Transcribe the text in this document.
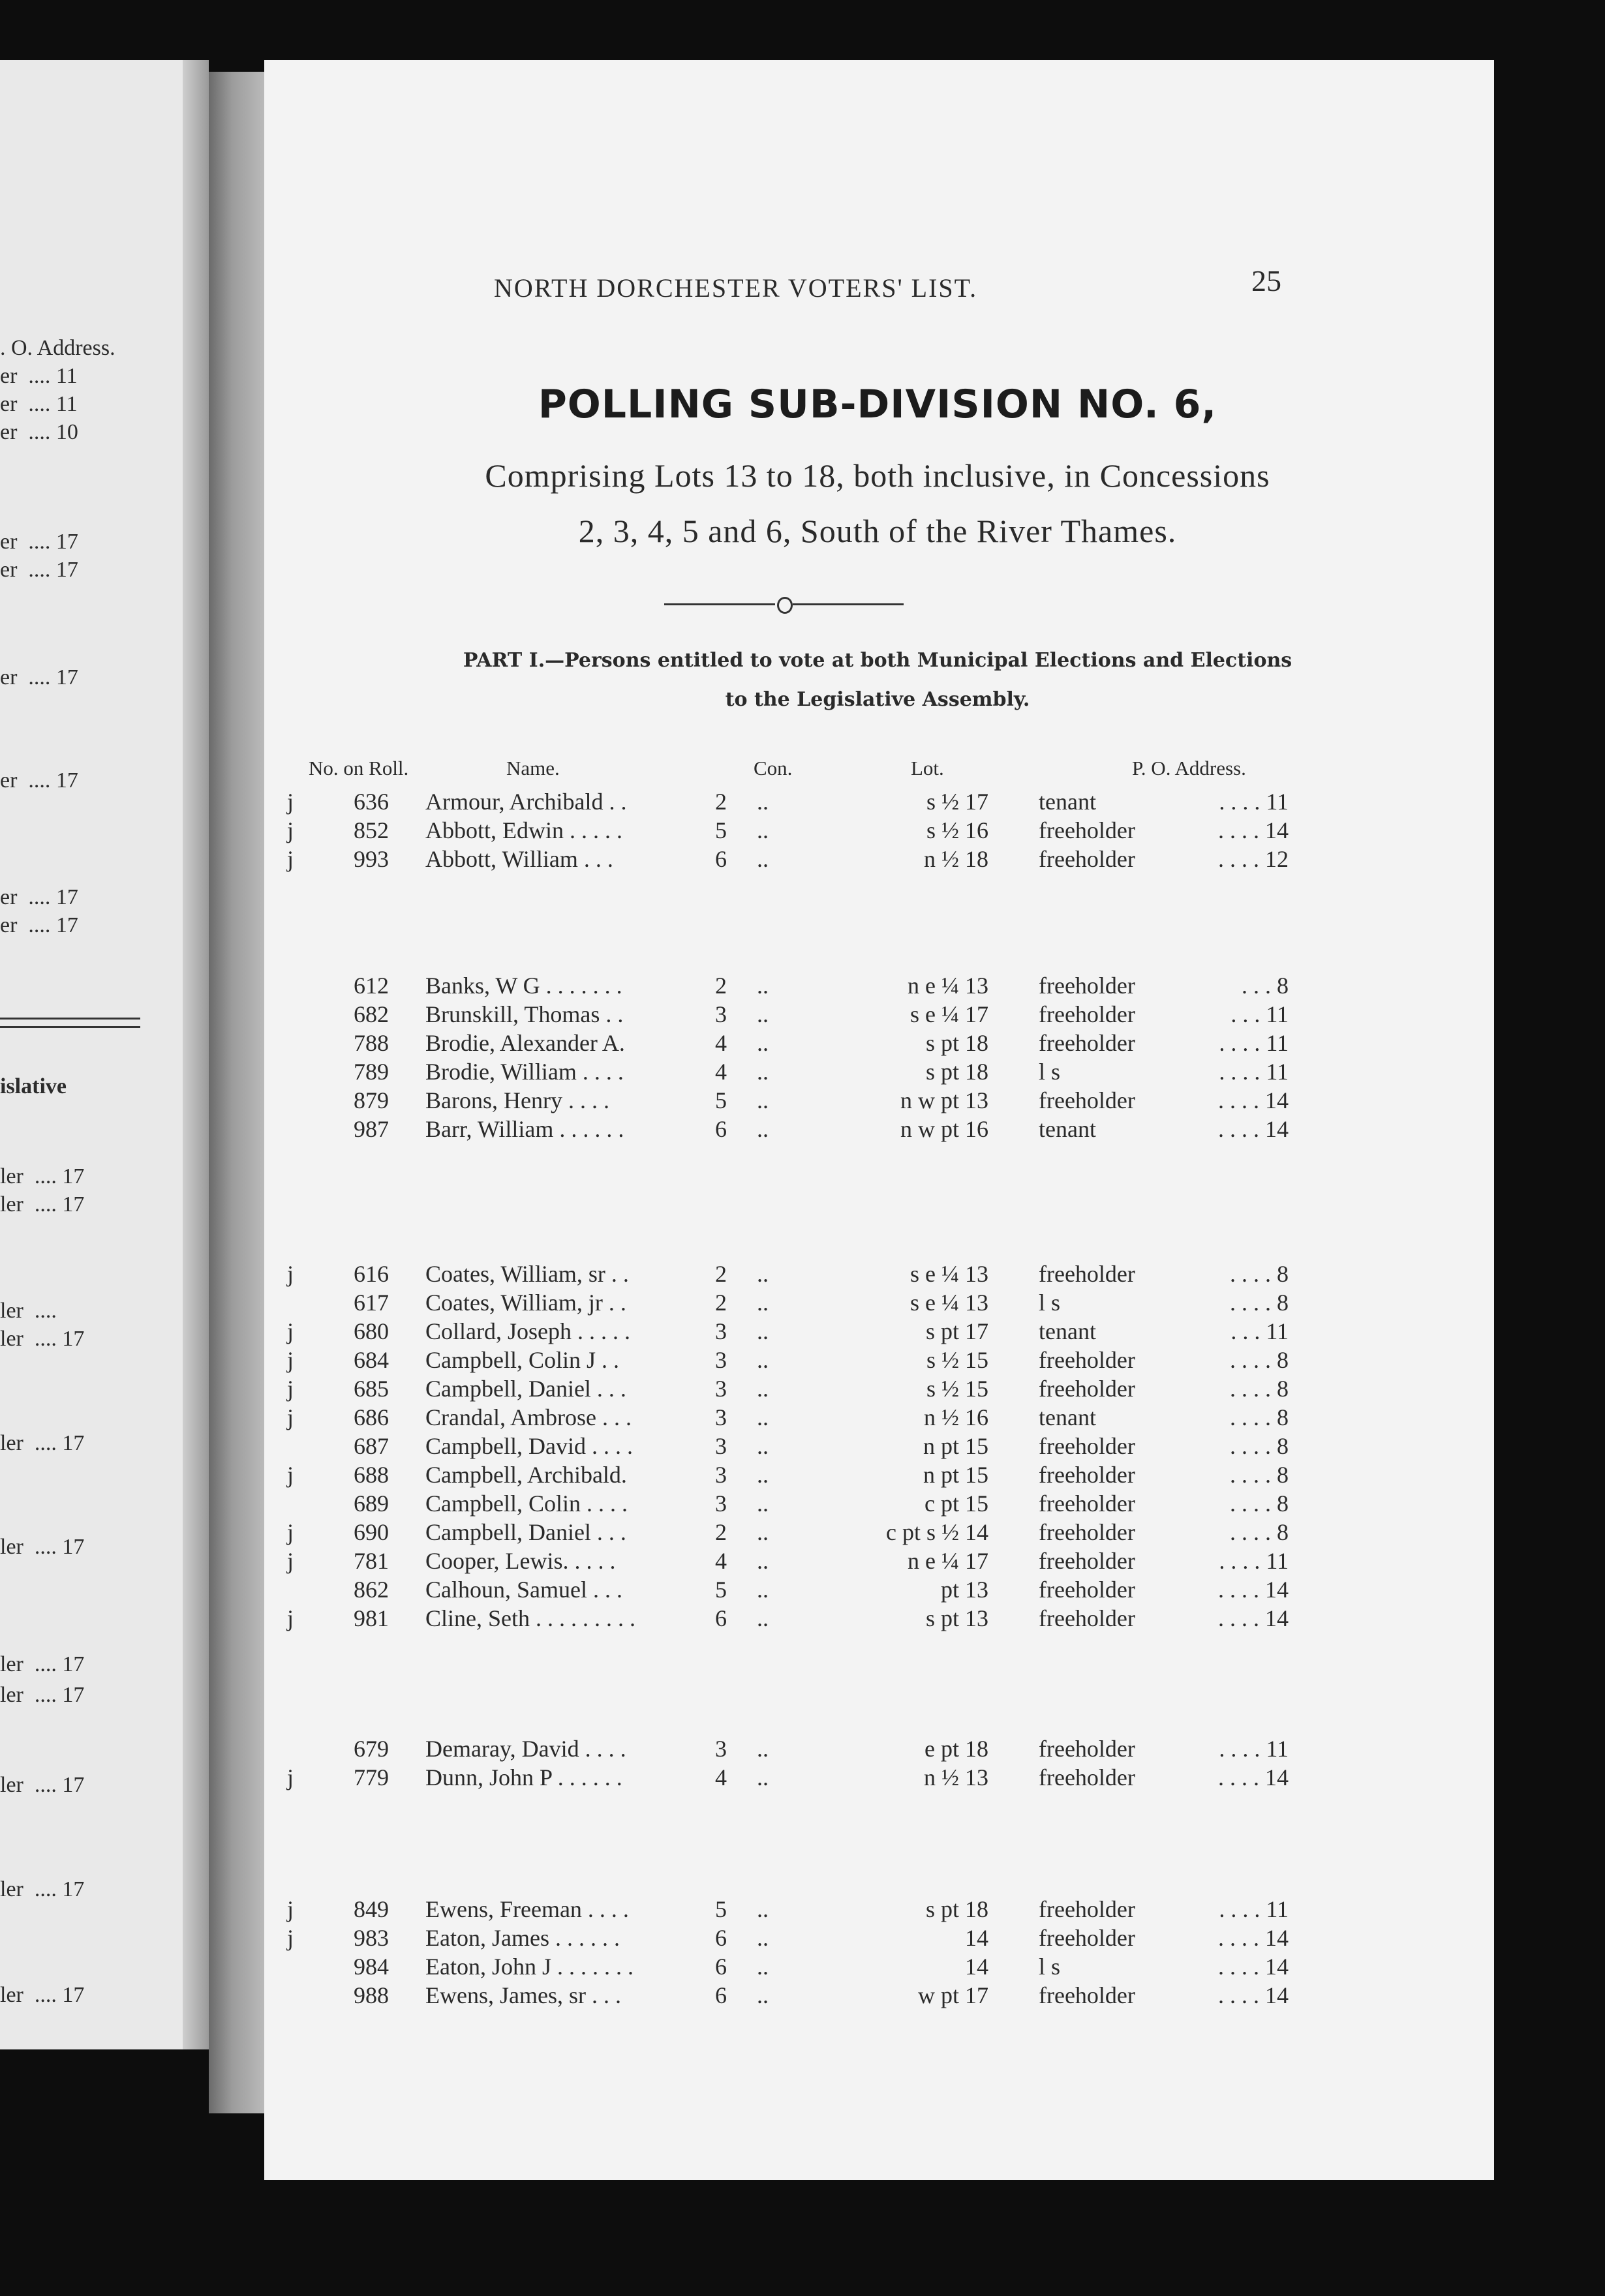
. O. Address.
er  .... 11
er  .... 11
er  .... 10
er  .... 17
er  .... 17
er  .... 17
er  .... 17
er  .... 17
er  .... 17
islative
ler  .... 17
ler  .... 17
ler  ....
ler  .... 17
ler  .... 17
ler  .... 17
ler  .... 17
ler  .... 17
ler  .... 17
ler  .... 17
ler  .... 17
NORTH DORCHESTER VOTERS' LIST.	25
POLLING SUB-DIVISION NO. 6,
Comprising Lots 13 to 18, both inclusive, in Concessions
2, 3, 4, 5 and 6, South of the River Thames.
PART I.—Persons entitled to vote at both Municipal Elections and Elections
to the Legislative Assembly.
No. on Roll.	Name.	Con.	Lot.	P. O. Address.
j	636 Armour, Archibald . .	2	..	s ½ 17 tenant	. . . . 11
j	852 Abbott, Edwin . . . . .	5	..	s ½ 16 freeholder	. . . . 14
j	993 Abbott, William . . .	6	..	n ½ 18 freeholder	. . . . 12
612 Banks, W G . . . . . . .	2	..	n e ¼ 13 freeholder	. . . 8
682 Brunskill, Thomas . .	3	..	s e ¼ 17 freeholder	. . . 11
788 Brodie, Alexander A.	4	..	s pt 18 freeholder	. . . . 11
789 Brodie, William . . . .	4	..	s pt 18 l s	. . . . 11
879 Barons, Henry . . . .	5	..	n w pt 13 freeholder	. . . . 14
987 Barr, William . . . . . .	6	..	n w pt 16 tenant	. . . . 14
j	616 Coates, William, sr . .	2	..	s e ¼ 13 freeholder	. . . . 8
617 Coates, William, jr . .	2	..	s e ¼ 13 l s	. . . . 8
j	680 Collard, Joseph . . . . .	3	..	s pt 17 tenant	. . . 11
j	684 Campbell, Colin J . .	3	..	s ½ 15 freeholder	. . . . 8
j	685 Campbell, Daniel . . .	3	..	s ½ 15 freeholder	. . . . 8
j	686 Crandal, Ambrose . . .	3	..	n ½ 16 tenant	. . . . 8
687 Campbell, David . . . .	3	..	n pt 15 freeholder	. . . . 8
j	688 Campbell, Archibald.	3	..	n pt 15 freeholder	. . . . 8
689 Campbell, Colin . . . .	3	..	c pt 15 freeholder	. . . . 8
j	690 Campbell, Daniel . . .	2	..	c pt s ½ 14 freeholder	. . . . 8
j	781 Cooper, Lewis. . . . .	4	..	n e ¼ 17 freeholder	. . . . 11
862 Calhoun, Samuel . . .	5	..	pt 13 freeholder	. . . . 14
j	981 Cline, Seth . . . . . . . . .	6	..	s pt 13 freeholder	. . . . 14
679 Demaray, David . . . .	3	..	e pt 18 freeholder	. . . . 11
j	779 Dunn, John P . . . . . .	4	..	n ½ 13 freeholder	. . . . 14
j	849 Ewens, Freeman . . . .	5	..	s pt 18 freeholder	. . . . 11
j	983 Eaton, James . . . . . .	6	..	14 freeholder	. . . . 14
984 Eaton, John J . . . . . . .	6	..	14 l s	. . . . 14
988 Ewens, James, sr . . .	6	..	w pt 17 freeholder	. . . . 14
